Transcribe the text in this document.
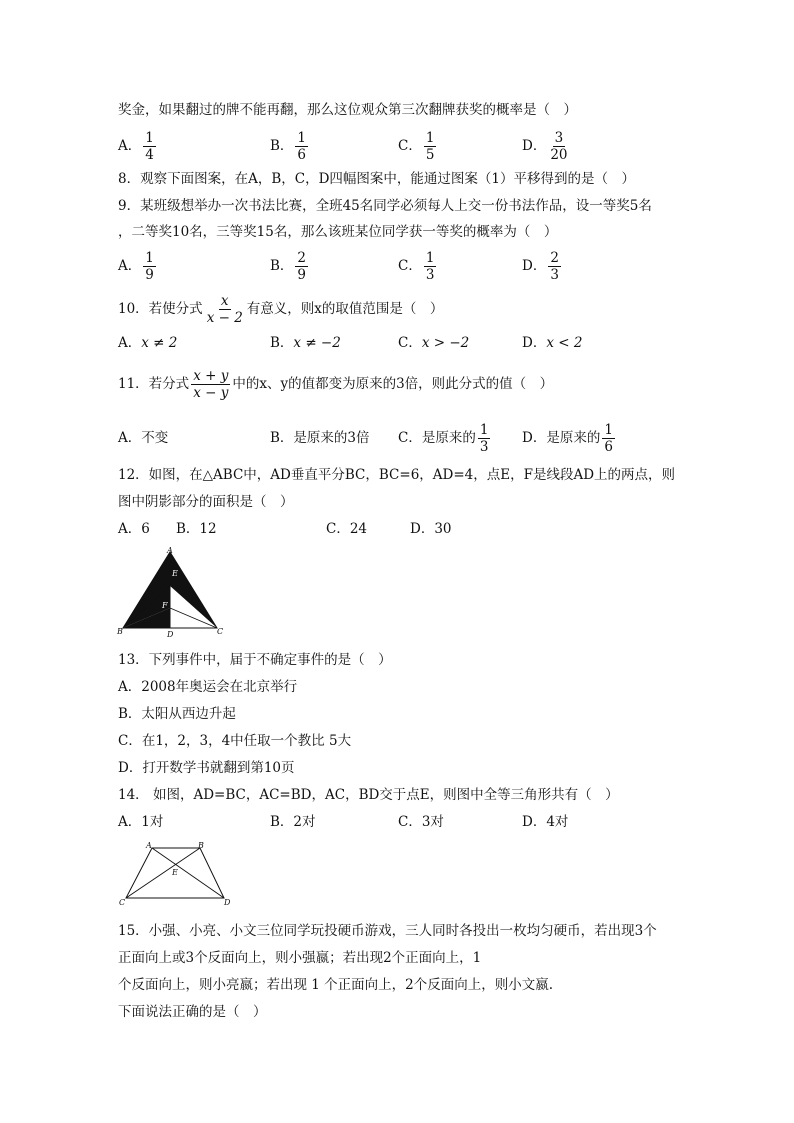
奖金，如果翻过的牌不能再翻，那么这位观众第三次翻牌获奖的概率是（　）
A． $\frac{1}{4}$	B． $\frac{1}{6}$	C． $\frac{1}{5}$	D． $\frac{3}{20}$
8．观察下面图案，在A，B，C，D四幅图案中，能通过图案（1）平移得到的是（　）
9．某班级想举办一次书法比赛，全班45名同学必须每人上交一份书法作品，设一等奖5名
，二等奖10名，三等奖15名，那么该班某位同学获一等奖的概率为（　）
A． $\frac{1}{9}$	B． $\frac{2}{9}$	C． $\frac{1}{3}$	D． $\frac{2}{3}$
10．若使分式 $\frac{x}{x - 2}$ 有意义，则x的取值范围是（　）
A．x ≠ 2	B．x ≠ −2	C．x > −2	D．x < 2
11．若分式 $\frac{x + y}{x - y}$ 中的x、y的值都变为原来的3倍，则此分式的值（　）
A．不变	B．是原来的3倍 C．是原来的 $\frac{1}{3}$ D．是原来的 $\frac{1}{6}$
12．如图，在△ABC中，AD垂直平分BC，BC=6，AD=4，点E，F是线段AD上的两点，则
图中阴影部分的面积是（　）
A．6 B．12	C．24	D．30
A
B	C
D
E
F
13．下列事件中，届于不确定事件的是（　）
A．2008年奥运会在北京举行
B．太阳从西边升起
C．在1，2，3，4中任取一个教比 5大
D．打开数学书就翻到第10页
14． 如图，AD=BC，AC=BD，AC，BD交于点E，则图中全等三角形共有（　）
A．1对	B．2对	C．3对	D．4对
A	B
C	D
E
15．小强、小亮、小文三位同学玩投硬币游戏，三人同时各投出一枚均匀硬币，若出现3个
正面向上或3个反面向上，则小强嬴；若出现2个正面向上，1
个反面向上，则小亮嬴；若出现 1 个正面向上，2个反面向上，则小文嬴.
下面说法正确的是（　）
